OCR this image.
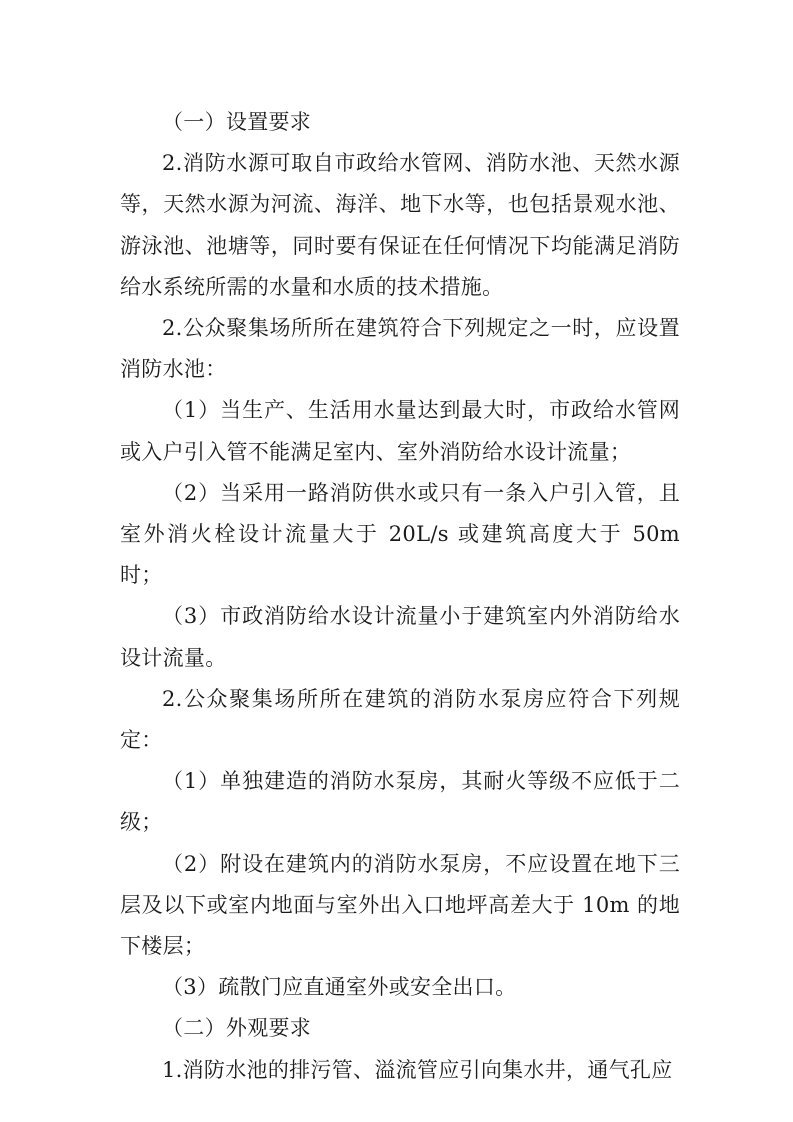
（一）设置要求

2.消防水源可取自市政给水管网、消防水池、天然水源等，天然水源为河流、海洋、地下水等，也包括景观水池、游泳池、池塘等，同时要有保证在任何情况下均能满足消防给水系统所需的水量和水质的技术措施。

2.公众聚集场所所在建筑符合下列规定之一时，应设置消防水池：

（1）当生产、生活用水量达到最大时，市政给水管网或入户引入管不能满足室内、室外消防给水设计流量；

（2）当采用一路消防供水或只有一条入户引入管，且室外消火栓设计流量大于 20L/s 或建筑高度大于 50m 时；

（3）市政消防给水设计流量小于建筑室内外消防给水设计流量。

2.公众聚集场所所在建筑的消防水泵房应符合下列规定：

（1）单独建造的消防水泵房，其耐火等级不应低于二级；

（2）附设在建筑内的消防水泵房，不应设置在地下三层及以下或室内地面与室外出入口地坪高差大于 10m 的地下楼层；

（3）疏散门应直通室外或安全出口。

（二）外观要求

1.消防水池的排污管、溢流管应引向集水井，通气孔应
